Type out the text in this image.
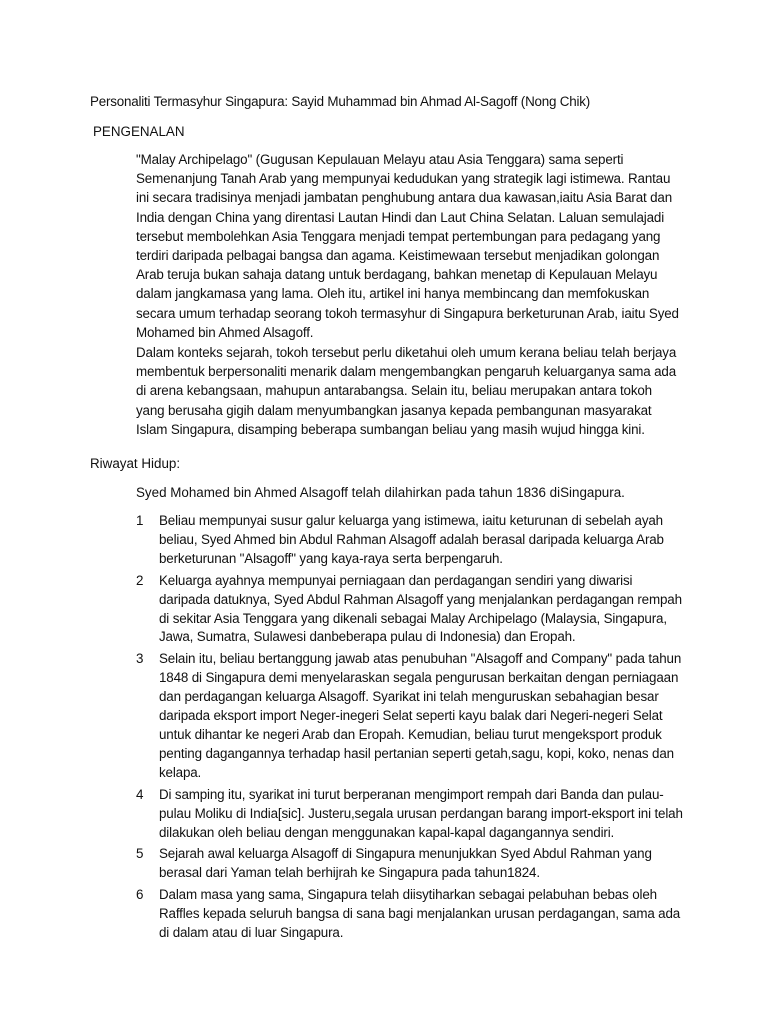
Personaliti Termasyhur Singapura: Sayid Muhammad bin Ahmad Al-Sagoff (Nong Chik)
PENGENALAN

"Malay Archipelago" (Gugusan Kepulauan Melayu atau Asia Tenggara) sama seperti Semenanjung Tanah Arab yang mempunyai kedudukan yang strategik lagi istimewa. Rantau ini secara tradisinya menjadi jambatan penghubung antara dua kawasan,iaitu Asia Barat dan India dengan China yang direntasi Lautan Hindi dan Laut China Selatan. Laluan semulajadi tersebut membolehkan Asia Tenggara menjadi tempat pertembungan para pedagang yang terdiri daripada pelbagai bangsa dan agama. Keistimewaan tersebut menjadikan golongan Arab teruja bukan sahaja datang untuk berdagang, bahkan menetap di Kepulauan Melayu dalam jangkamasa yang lama. Oleh itu, artikel ini hanya membincang dan memfokuskan secara umum terhadap seorang tokoh termasyhur di Singapura berketurunan Arab, iaitu Syed Mohamed bin Ahmed Alsagoff.

Dalam konteks sejarah, tokoh tersebut perlu diketahui oleh umum kerana beliau telah berjaya membentuk berpersonaliti menarik dalam mengembangkan pengaruh keluarganya sama ada di arena kebangsaan, mahupun antarabangsa. Selain itu, beliau merupakan antara tokoh yang berusaha gigih dalam menyumbangkan jasanya kepada pembangunan masyarakat Islam Singapura, disamping beberapa sumbangan beliau yang masih wujud hingga kini.

Riwayat Hidup:
Syed Mohamed bin Ahmed Alsagoff telah dilahirkan pada tahun 1836 diSingapura.
1	Beliau mempunyai susur galur keluarga yang istimewa, iaitu keturunan di sebelah ayah beliau, Syed Ahmed bin Abdul Rahman Alsagoff adalah berasal daripada keluarga Arab berketurunan "Alsagoff" yang kaya-raya serta berpengaruh.
2	Keluarga ayahnya mempunyai perniagaan dan perdagangan sendiri yang diwarisi daripada datuknya, Syed Abdul Rahman Alsagoff yang menjalankan perdagangan rempah di sekitar Asia Tenggara yang dikenali sebagai Malay Archipelago (Malaysia, Singapura, Jawa, Sumatra, Sulawesi danbeberapa pulau di Indonesia) dan Eropah.
3	Selain itu, beliau bertanggung jawab atas penubuhan "Alsagoff and Company" pada tahun 1848 di Singapura demi menyelaraskan segala pengurusan berkaitan dengan perniagaan dan perdagangan keluarga Alsagoff. Syarikat ini telah menguruskan sebahagian besar daripada eksport import Neger-inegeri Selat seperti kayu balak dari Negeri-negeri Selat untuk dihantar ke negeri Arab dan Eropah. Kemudian, beliau turut mengeksport produk penting dagangannya terhadap hasil pertanian seperti getah,sagu, kopi, koko, nenas dan kelapa.
4	Di samping itu, syarikat ini turut berperanan mengimport rempah dari Banda dan pulau-pulau Moliku di India[sic]. Justeru,segala urusan perdangan barang import-eksport ini telah dilakukan oleh beliau dengan menggunakan kapal-kapal dagangannya sendiri.
5	Sejarah awal keluarga Alsagoff di Singapura menunjukkan Syed Abdul Rahman yang berasal dari Yaman telah berhijrah ke Singapura pada tahun1824.
6	Dalam masa yang sama, Singapura telah diisytiharkan sebagai pelabuhan bebas oleh Raffles kepada seluruh bangsa di sana bagi menjalankan urusan perdagangan, sama ada di dalam atau di luar Singapura.
